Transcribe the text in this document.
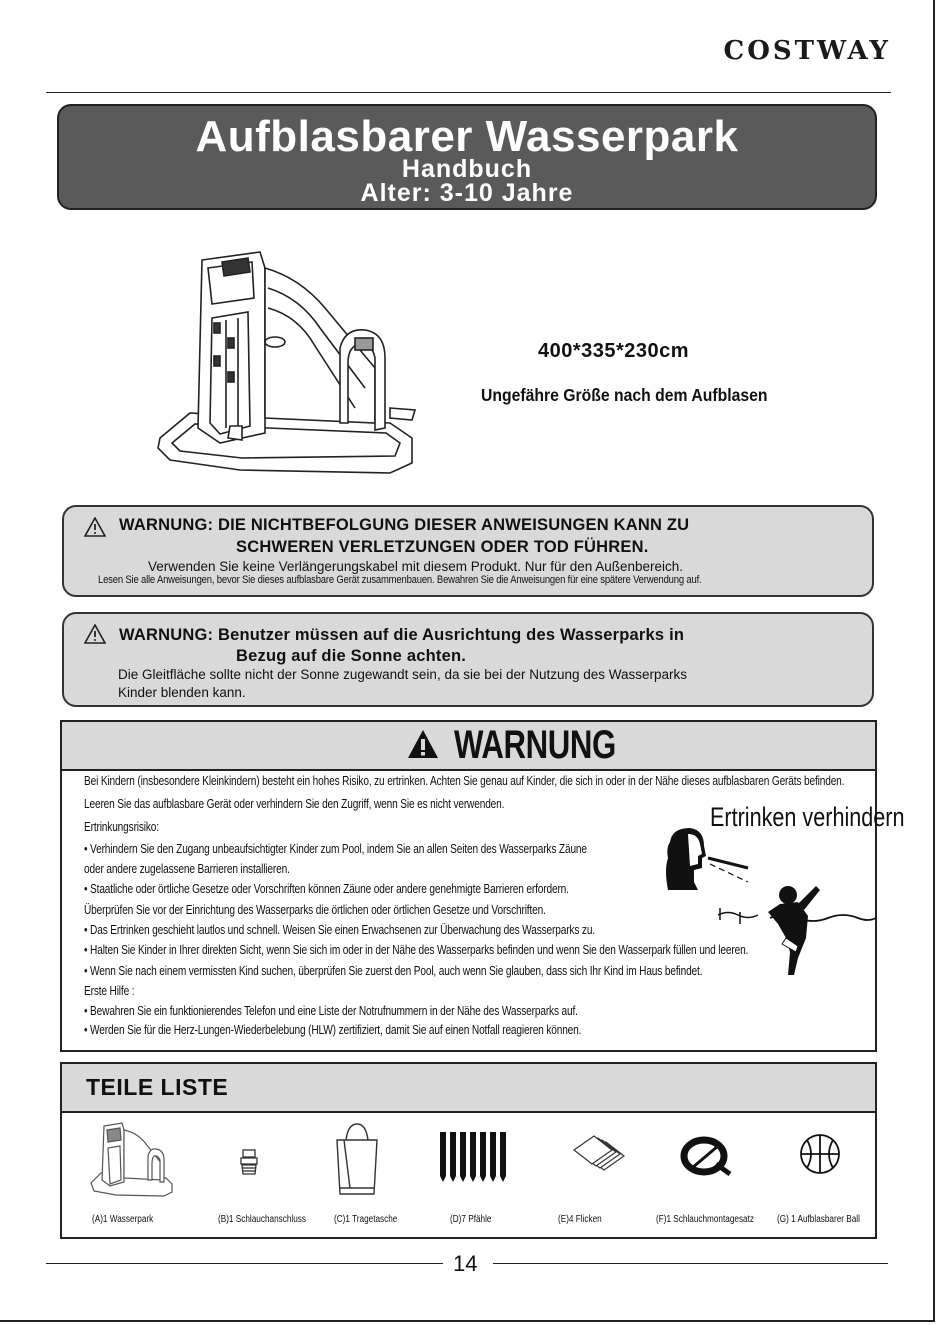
COSTWAY
Aufblasbarer Wasserpark
Handbuch
Alter: 3-10 Jahre
400*335*230cm
Ungefähre Größe nach dem Aufblasen
WARNUNG: DIE NICHTBEFOLGUNG DIESER ANWEISUNGEN KANN ZU
SCHWEREN VERLETZUNGEN ODER TOD FÜHREN.
Verwenden Sie keine Verlängerungskabel mit diesem Produkt. Nur für den Außenbereich.
Lesen Sie alle Anweisungen, bevor Sie dieses aufblasbare Gerät zusammenbauen. Bewahren Sie die Anweisungen für eine spätere Verwendung auf.
WARNUNG: Benutzer müssen auf die Ausrichtung des Wasserparks in
Bezug auf die Sonne achten.
Die Gleitfläche sollte nicht der Sonne zugewandt sein, da sie bei der Nutzung des Wasserparks
Kinder blenden kann.
WARNUNG
Bei Kindern (insbesondere Kleinkindern) besteht ein hohes Risiko, zu ertrinken. Achten Sie genau auf Kinder, die sich in oder in der Nähe dieses aufblasbaren Geräts befinden.
Leeren Sie das aufblasbare Gerät oder verhindern Sie den Zugriff, wenn Sie es nicht verwenden.
Ertrinkungsrisiko:
• Verhindern Sie den Zugang unbeaufsichtigter Kinder zum Pool, indem Sie an allen Seiten des Wasserparks Zäune
oder andere zugelassene Barrieren installieren.
• Staatliche oder örtliche Gesetze oder Vorschriften können Zäune oder andere genehmigte Barrieren erfordern.
Überprüfen Sie vor der Einrichtung des Wasserparks die örtlichen oder örtlichen Gesetze und Vorschriften.
• Das Ertrinken geschieht lautlos und schnell. Weisen Sie einen Erwachsenen zur Überwachung des Wasserparks zu.
• Halten Sie Kinder in Ihrer direkten Sicht, wenn Sie sich im oder in der Nähe des Wasserparks befinden und wenn Sie den Wasserpark füllen und leeren.
• Wenn Sie nach einem vermissten Kind suchen, überprüfen Sie zuerst den Pool, auch wenn Sie glauben, dass sich Ihr Kind im Haus befindet.
Erste Hilfe :
• Bewahren Sie ein funktionierendes Telefon und eine Liste der Notrufnummern in der Nähe des Wasserparks auf.
• Werden Sie für die Herz-Lungen-Wiederbelebung (HLW) zertifiziert, damit Sie auf einen Notfall reagieren können.
Ertrinken verhindern
TEILE LISTE
(A)1 Wasserpark	(B)1 Schlauchanschluss	(C)1 Tragetasche	(D)7 Pfähle	(E)4 Flicken	(F)1 Schlauchmontagesatz (G) 1 Aufblasbarer Ball
14
